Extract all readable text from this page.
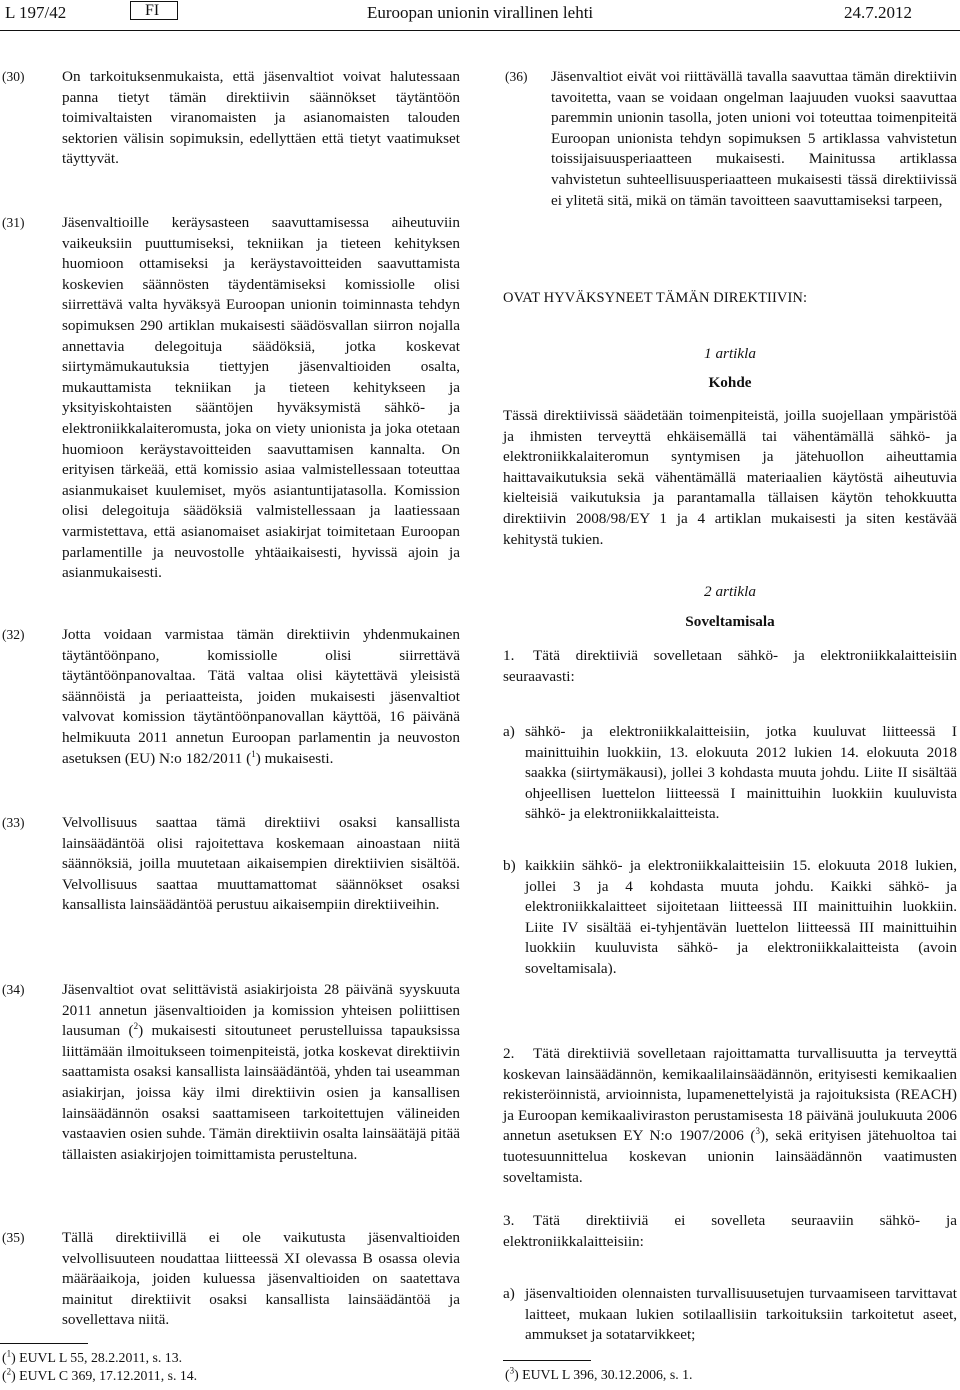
L 197/42	FI	Euroopan unionin virallinen lehti	24.7.2012
(30) On tarkoituksenmukaista, että jäsenvaltiot voivat halutessaan panna tietyt tämän direktiivin säännökset täytäntöön toimivaltaisten viranomaisten ja asianomaisten talouden sektorien välisin sopimuksin, edellyttäen että tietyt vaatimukset täyttyvät.
(31) Jäsenvaltioille keräysasteen saavuttamisessa aiheutuviin vaikeuksiin puuttumiseksi, tekniikan ja tieteen kehityksen huomioon ottamiseksi ja keräystavoitteiden saavuttamista koskevien säännösten täydentämiseksi komissiolle olisi siirrettävä valta hyväksyä Euroopan unionin toiminnasta tehdyn sopimuksen 290 artiklan mukaisesti säädösvallan siirron nojalla annettavia delegoituja säädöksiä, jotka koskevat siirtymämukautuksia tiettyjen jäsenvaltioiden osalta, mukauttamista tekniikan ja tieteen kehitykseen ja yksityiskohtaisten sääntöjen hyväksymistä sähkö- ja elektroniikkalaiteromusta, joka on viety unionista ja joka otetaan huomioon keräystavoitteiden saavuttamisen kannalta. On erityisen tärkeää, että komissio asiaa valmistellessaan toteuttaa asianmukaiset kuulemiset, myös asiantuntijatasolla. Komission olisi delegoituja säädöksiä valmistellessaan ja laatiessaan varmistettava, että asianomaiset asiakirjat toimitetaan Euroopan parlamentille ja neuvostolle yhtäaikaisesti, hyvissä ajoin ja asianmukaisesti.
(32) Jotta voidaan varmistaa tämän direktiivin yhdenmukainen täytäntöönpano, komissiolle olisi siirrettävä täytäntöönpanovaltaa. Tätä valtaa olisi käytettävä yleisistä säännöistä ja periaatteista, joiden mukaisesti jäsenvaltiot valvovat komission täytäntöönpanovallan käyttöä, 16 päivänä helmikuuta 2011 annetun Euroopan parlamentin ja neuvoston asetuksen (EU) N:o 182/2011 ($^1$) mukaisesti.
(33) Velvollisuus saattaa tämä direktiivi osaksi kansallista lainsäädäntöä olisi rajoitettava koskemaan ainoastaan niitä säännöksiä, joilla muutetaan aikaisempien direktiivien sisältöä. Velvollisuus saattaa muuttamattomat säännökset osaksi kansallista lainsäädäntöä perustuu aikaisempiin direktiiveihin.
(34) Jäsenvaltiot ovat selittävistä asiakirjoista 28 päivänä syyskuuta 2011 annetun jäsenvaltioiden ja komission yhteisen poliittisen lausuman ($^2$) mukaisesti sitoutuneet perustelluissa tapauksissa liittämään ilmoitukseen toimenpiteistä, jotka koskevat direktiivin saattamista osaksi kansallista lainsäädäntöä, yhden tai useamman asiakirjan, joissa käy ilmi direktiivin osien ja kansallisen lainsäädännön osaksi saattamiseen tarkoitettujen välineiden vastaavien osien suhde. Tämän direktiivin osalta lainsäätäjä pitää tällaisten asiakirjojen toimittamista perusteltuna.
(35) Tällä direktiivillä ei ole vaikutusta jäsenvaltioiden velvollisuuteen noudattaa liitteessä XI olevassa B osassa olevia määräaikoja, joiden kuluessa jäsenvaltioiden on saatettava mainitut direktiivit osaksi kansallista lainsäädäntöä ja sovellettava niitä.
($^1$) EUVL L 55, 28.2.2011, s. 13.
($^2$) EUVL C 369, 17.12.2011, s. 14.
(36) Jäsenvaltiot eivät voi riittävällä tavalla saavuttaa tämän direktiivin tavoitetta, vaan se voidaan ongelman laajuuden vuoksi saavuttaa paremmin unionin tasolla, joten unioni voi toteuttaa toimenpiteitä Euroopan unionista tehdyn sopimuksen 5 artiklassa vahvistetun toissijaisuusperiaatteen mukaisesti. Mainitussa artiklassa vahvistetun suhteellisuusperiaatteen mukaisesti tässä direktiivissä ei ylitetä sitä, mikä on tämän tavoitteen saavuttamiseksi tarpeen,
OVAT HYVÄKSYNEET TÄMÄN DIREKTIIVIN:
1 artikla
Kohde
Tässä direktiivissä säädetään toimenpiteistä, joilla suojellaan ympäristöä ja ihmisten terveyttä ehkäisemällä tai vähentämällä sähkö- ja elektroniikkalaiteromun syntymisen ja jätehuollon aiheuttamia haittavaikutuksia sekä vähentämällä materiaalien käytöstä aiheutuvia kielteisiä vaikutuksia ja parantamalla tällaisen käytön tehokkuutta direktiivin 2008/98/EY 1 ja 4 artiklan mukaisesti ja siten kestävää kehitystä tukien.
2 artikla
Soveltamisala
1. Tätä direktiiviä sovelletaan sähkö- ja elektroniikkalaitteisiin seuraavasti:
a) sähkö- ja elektroniikkalaitteisiin, jotka kuuluvat liitteessä I mainittuihin luokkiin, 13. elokuuta 2012 lukien 14. elokuuta 2018 saakka (siirtymäkausi), jollei 3 kohdasta muuta johdu. Liite II sisältää ohjeellisen luettelon liitteessä I mainittuihin luokkiin kuuluvista sähkö- ja elektroniikkalaitteista.
b) kaikkiin sähkö- ja elektroniikkalaitteisiin 15. elokuuta 2018 lukien, jollei 3 ja 4 kohdasta muuta johdu. Kaikki sähkö- ja elektroniikkalaitteet sijoitetaan liitteessä III mainittuihin luokkiin. Liite IV sisältää ei-tyhjentävän luettelon liitteessä III mainittuihin luokkiin kuuluvista sähkö- ja elektroniikkalaitteista (avoin soveltamisala).
2. Tätä direktiiviä sovelletaan rajoittamatta turvallisuutta ja terveyttä koskevan lainsäädännön, kemikaalilainsäädännön, erityisesti kemikaalien rekisteröinnistä, arvioinnista, lupamenettelyistä ja rajoituksista (REACH) ja Euroopan kemikaaliviraston perustamisesta 18 päivänä joulukuuta 2006 annetun asetuksen EY N:o 1907/2006 ($^3$), sekä erityisen jätehuoltoa tai tuotesuunnittelua koskevan unionin lainsäädännön vaatimusten soveltamista.
3. Tätä direktiiviä ei sovelleta seuraaviin sähkö- ja elektroniikkalaitteisiin:
a) jäsenvaltioiden olennaisten turvallisuusetujen turvaamiseen tarvittavat laitteet, mukaan lukien sotilaallisiin tarkoituksiin tarkoitetut aseet, ammukset ja sotatarvikkeet;
($^3$) EUVL L 396, 30.12.2006, s. 1.
